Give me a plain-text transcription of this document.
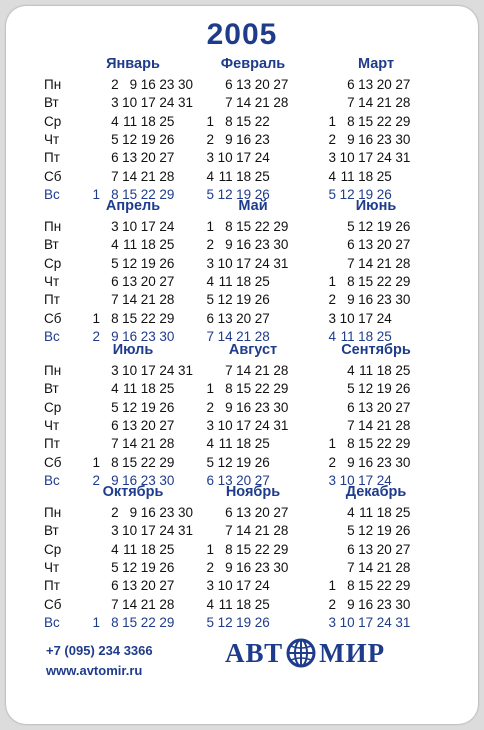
2005
Январь
Пн
Вт
Ср
Чт
Пт
Сб
Вс	1
2
3
4
5
6
7
8
9
10
11
12
13
14
15
16
17
18
19
20
21
22
23
24
25
26
27
28
29
30
31
Февраль
1
2
3
4
5
6
7
8
9
10
11
12
13
14
15
16
17
18
19
20
21
22
23
24
25
26
27
28
Март
1
2
3
4
5
6
7
8
9
10
11
12
13
14
15
16
17
18
19
20
21
22
23
24
25
26
27
28
29
30
31
Апрель
Пн
Вт
Ср
Чт
Пт
Сб
Вс
1
2
3
4
5
6
7
8
9
10
11
12
13
14
15
16
17
18
19
20
21
22
23
24
25
26
27
28
29
30
Май
1
2
3
4
5
6
7
8
9
10
11
12
13
14
15
16
17
18
19
20
21
22
23
24
25
26
27
28
29
30
31
Июнь
1
2
3
4
5
6
7
8
9
10
11
12
13
14
15
16
17
18
19
20
21
22
23
24
25
26
27
28
29
30
Июль
Пн
Вт
Ср
Чт
Пт
Сб
Вс
1
2
3
4
5
6
7
8
9
10
11
12
13
14
15
16
17
18
19
20
21
22
23
24
25
26
27
28
29
30
31
Август
1
2
3
4
5
6
7
8
9
10
11
12
13
14
15
16
17
18
19
20
21
22
23
24
25
26
27
28
29
30
31
Сентябрь
1
2
3
4
5
6
7
8
9
10
11
12
13
14
15
16
17
18
19
20
21
22
23
24
25
26
27
28
29
30
Октябрь
Пн
Вт
Ср
Чт
Пт
Сб
Вс	1
2
3
4
5
6
7
8
9
10
11
12
13
14
15
16
17
18
19
20
21
22
23
24
25
26
27
28
29
30
31
Ноябрь
1
2
3
4
5
6
7
8
9
10
11
12
13
14
15
16
17
18
19
20
21
22
23
24
25
26
27
28
29
30
Декабрь
1
2
3
4
5
6
7
8
9
10
11
12
13
14
15
16
17
18
19
20
21
22
23
24
25
26
27
28
29
30
31
+7 (095) 234 3366
www.avtomir.ru
АВТ МИР
